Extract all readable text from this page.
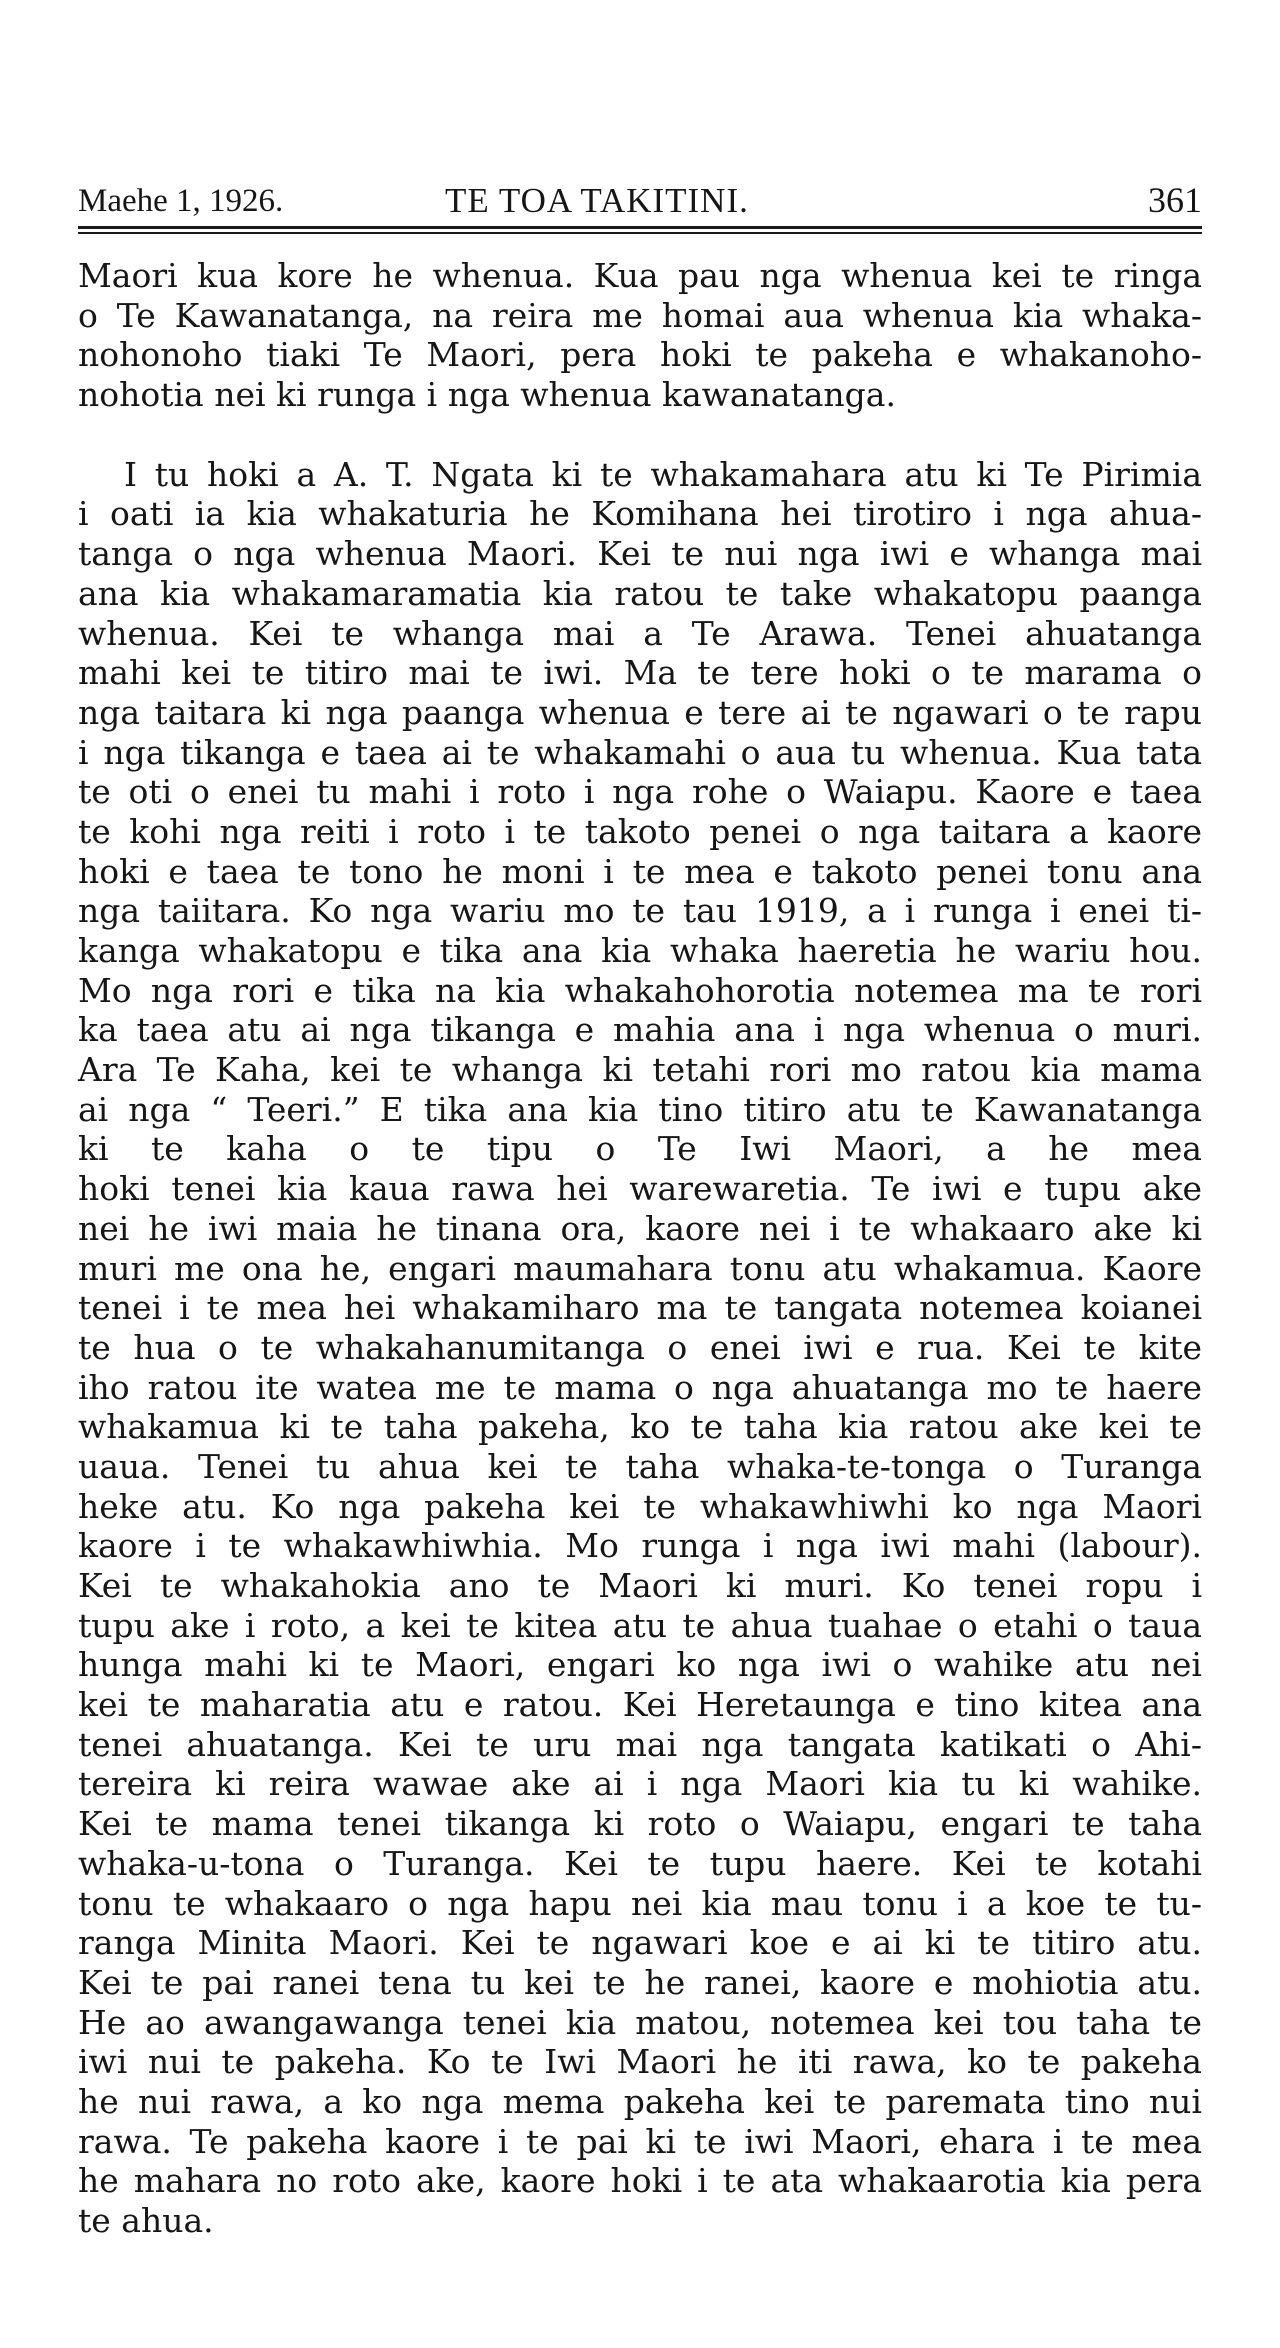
Maehe 1, 1926.	TE TOA TAKITINI.	361
Maori kua kore he whenua. Kua pau nga whenua kei te ringa
o Te Kawanatanga, na reira me homai aua whenua kia whaka-
nohonoho tiaki Te Maori, pera hoki te pakeha e whakanoho-
nohotia nei ki runga i nga whenua kawanatanga.
I tu hoki a A. T. Ngata ki te whakamahara atu ki Te Pirimia
i oati ia kia whakaturia he Komihana hei tirotiro i nga ahua-
tanga o nga whenua Maori. Kei te nui nga iwi e whanga mai
ana kia whakamaramatia kia ratou te take whakatopu paanga
whenua. Kei te whanga mai a Te Arawa. Tenei ahuatanga
mahi kei te titiro mai te iwi. Ma te tere hoki o te marama o
nga taitara ki nga paanga whenua e tere ai te ngawari o te rapu
i nga tikanga e taea ai te whakamahi o aua tu whenua. Kua tata
te oti o enei tu mahi i roto i nga rohe o Waiapu. Kaore e taea
te kohi nga reiti i roto i te takoto penei o nga taitara a kaore
hoki e taea te tono he moni i te mea e takoto penei tonu ana
nga taiitara. Ko nga wariu mo te tau 1919, a i runga i enei ti-
kanga whakatopu e tika ana kia whaka haeretia he wariu hou.
Mo nga rori e tika na kia whakahohorotia notemea ma te rori
ka taea atu ai nga tikanga e mahia ana i nga whenua o muri.
Ara Te Kaha, kei te whanga ki tetahi rori mo ratou kia mama
ai nga “ Teeri.” E tika ana kia tino titiro atu te Kawanatanga
ki te kaha o te tipu o Te Iwi Maori, a he mea
hoki tenei kia kaua rawa hei warewaretia. Te iwi e tupu ake
nei he iwi maia he tinana ora, kaore nei i te whakaaro ake ki
muri me ona he, engari maumahara tonu atu whakamua. Kaore
tenei i te mea hei whakamiharo ma te tangata notemea koianei
te hua o te whakahanumitanga o enei iwi e rua. Kei te kite
iho ratou ite watea me te mama o nga ahuatanga mo te haere
whakamua ki te taha pakeha, ko te taha kia ratou ake kei te
uaua. Tenei tu ahua kei te taha whaka-te-tonga o Turanga
heke atu. Ko nga pakeha kei te whakawhiwhi ko nga Maori
kaore i te whakawhiwhia. Mo runga i nga iwi mahi (labour).
Kei te whakahokia ano te Maori ki muri. Ko tenei ropu i
tupu ake i roto, a kei te kitea atu te ahua tuahae o etahi o taua
hunga mahi ki te Maori, engari ko nga iwi o wahike atu nei
kei te maharatia atu e ratou. Kei Heretaunga e tino kitea ana
tenei ahuatanga. Kei te uru mai nga tangata katikati o Ahi-
tereira ki reira wawae ake ai i nga Maori kia tu ki wahike.
Kei te mama tenei tikanga ki roto o Waiapu, engari te taha
whaka-u-tona o Turanga. Kei te tupu haere. Kei te kotahi
tonu te whakaaro o nga hapu nei kia mau tonu i a koe te tu-
ranga Minita Maori. Kei te ngawari koe e ai ki te titiro atu.
Kei te pai ranei tena tu kei te he ranei, kaore e mohiotia atu.
He ao awangawanga tenei kia matou, notemea kei tou taha te
iwi nui te pakeha. Ko te Iwi Maori he iti rawa, ko te pakeha
he nui rawa, a ko nga mema pakeha kei te paremata tino nui
rawa. Te pakeha kaore i te pai ki te iwi Maori, ehara i te mea
he mahara no roto ake, kaore hoki i te ata whakaarotia kia pera
te ahua.
